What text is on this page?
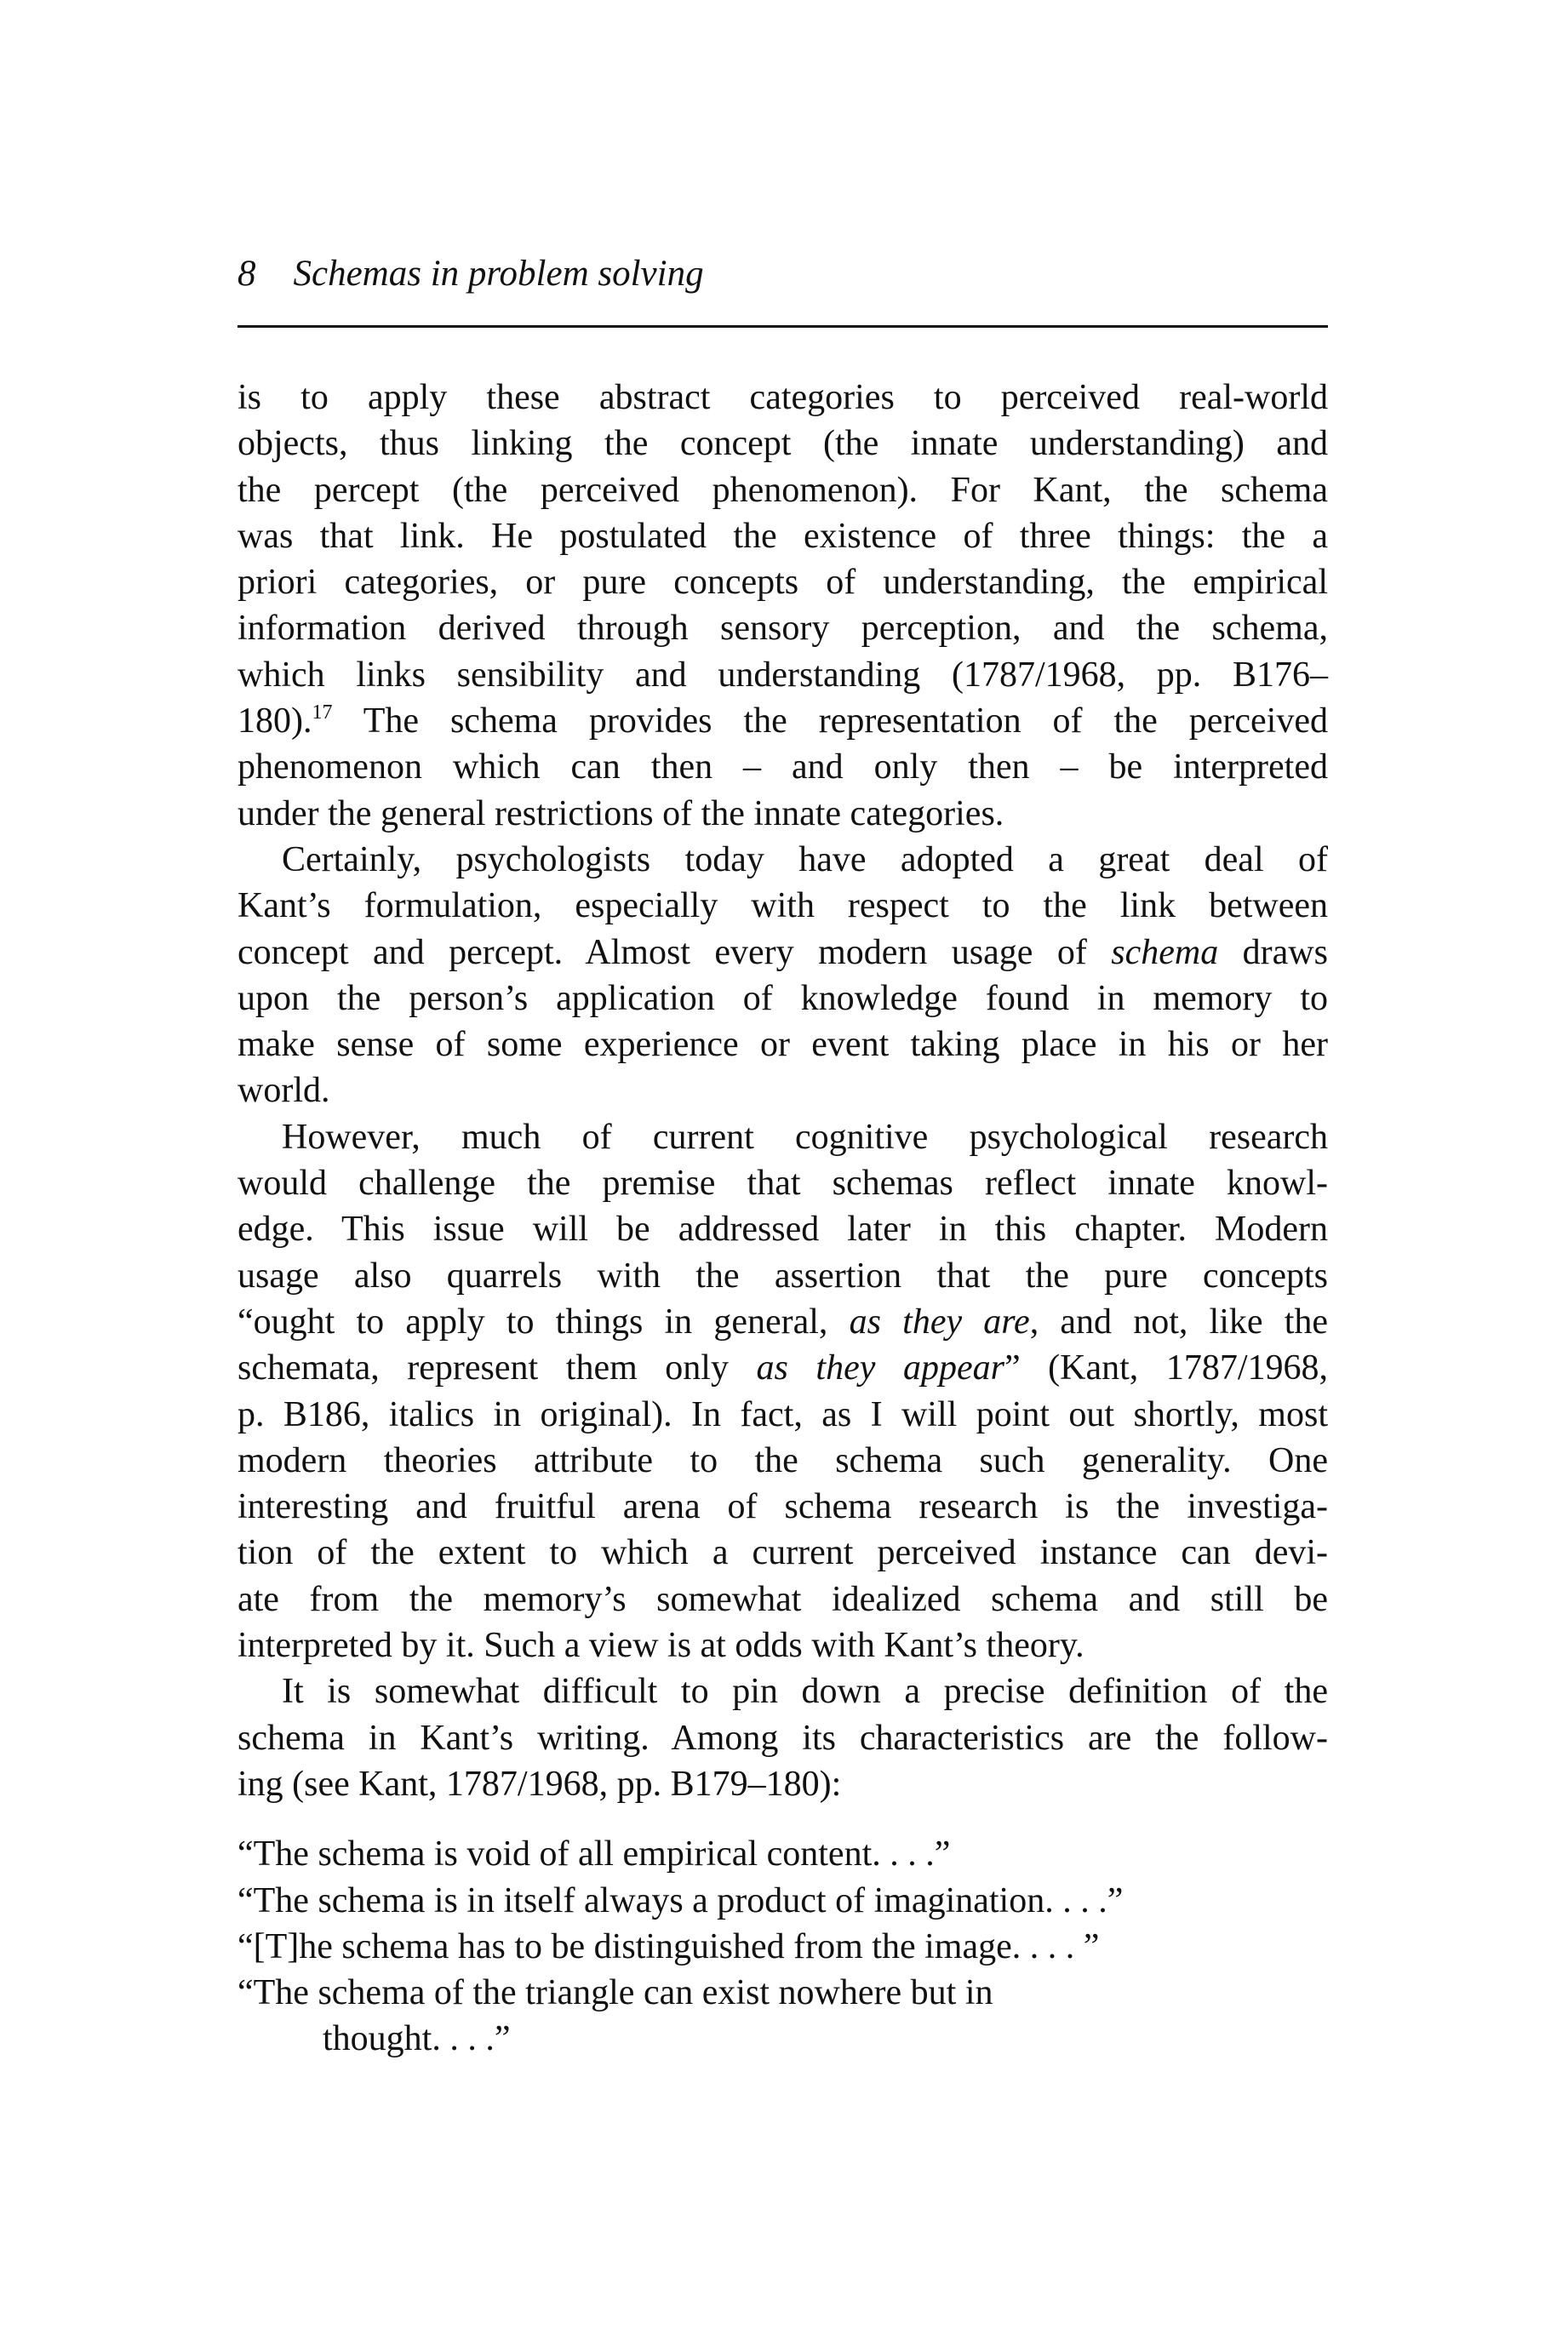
8 Schemas in problem solving
is to apply these abstract categories to perceived real-world
objects, thus linking the concept (the innate understanding) and
the percept (the perceived phenomenon). For Kant, the schema
was that link. He postulated the existence of three things: the a
priori categories, or pure concepts of understanding, the empirical
information derived through sensory perception, and the schema,
which links sensibility and understanding (1787/1968, pp. B176–
180).$^{17}$ The schema provides the representation of the perceived
phenomenon which can then – and only then – be interpreted
under the general restrictions of the innate categories.
Certainly, psychologists today have adopted a great deal of
Kant’s formulation, especially with respect to the link between
concept and percept. Almost every modern usage of schema draws
upon the person’s application of knowledge found in memory to
make sense of some experience or event taking place in his or her
world.
However, much of current cognitive psychological research
would challenge the premise that schemas reflect innate knowl-
edge. This issue will be addressed later in this chapter. Modern
usage also quarrels with the assertion that the pure concepts
“ought to apply to things in general, as they are, and not, like the
schemata, represent them only as they appear” (Kant, 1787/1968,
p. B186, italics in original). In fact, as I will point out shortly, most
modern theories attribute to the schema such generality. One
interesting and fruitful arena of schema research is the investiga-
tion of the extent to which a current perceived instance can devi-
ate from the memory’s somewhat idealized schema and still be
interpreted by it. Such a view is at odds with Kant’s theory.
It is somewhat difficult to pin down a precise definition of the
schema in Kant’s writing. Among its characteristics are the follow-
ing (see Kant, 1787/1968, pp. B179–180):
“The schema is void of all empirical content. . . .”
“The schema is in itself always a product of imagination. . . .”
“[T]he schema has to be distinguished from the image. . . . ”
“The schema of the triangle can exist nowhere but in
thought. . . .”
